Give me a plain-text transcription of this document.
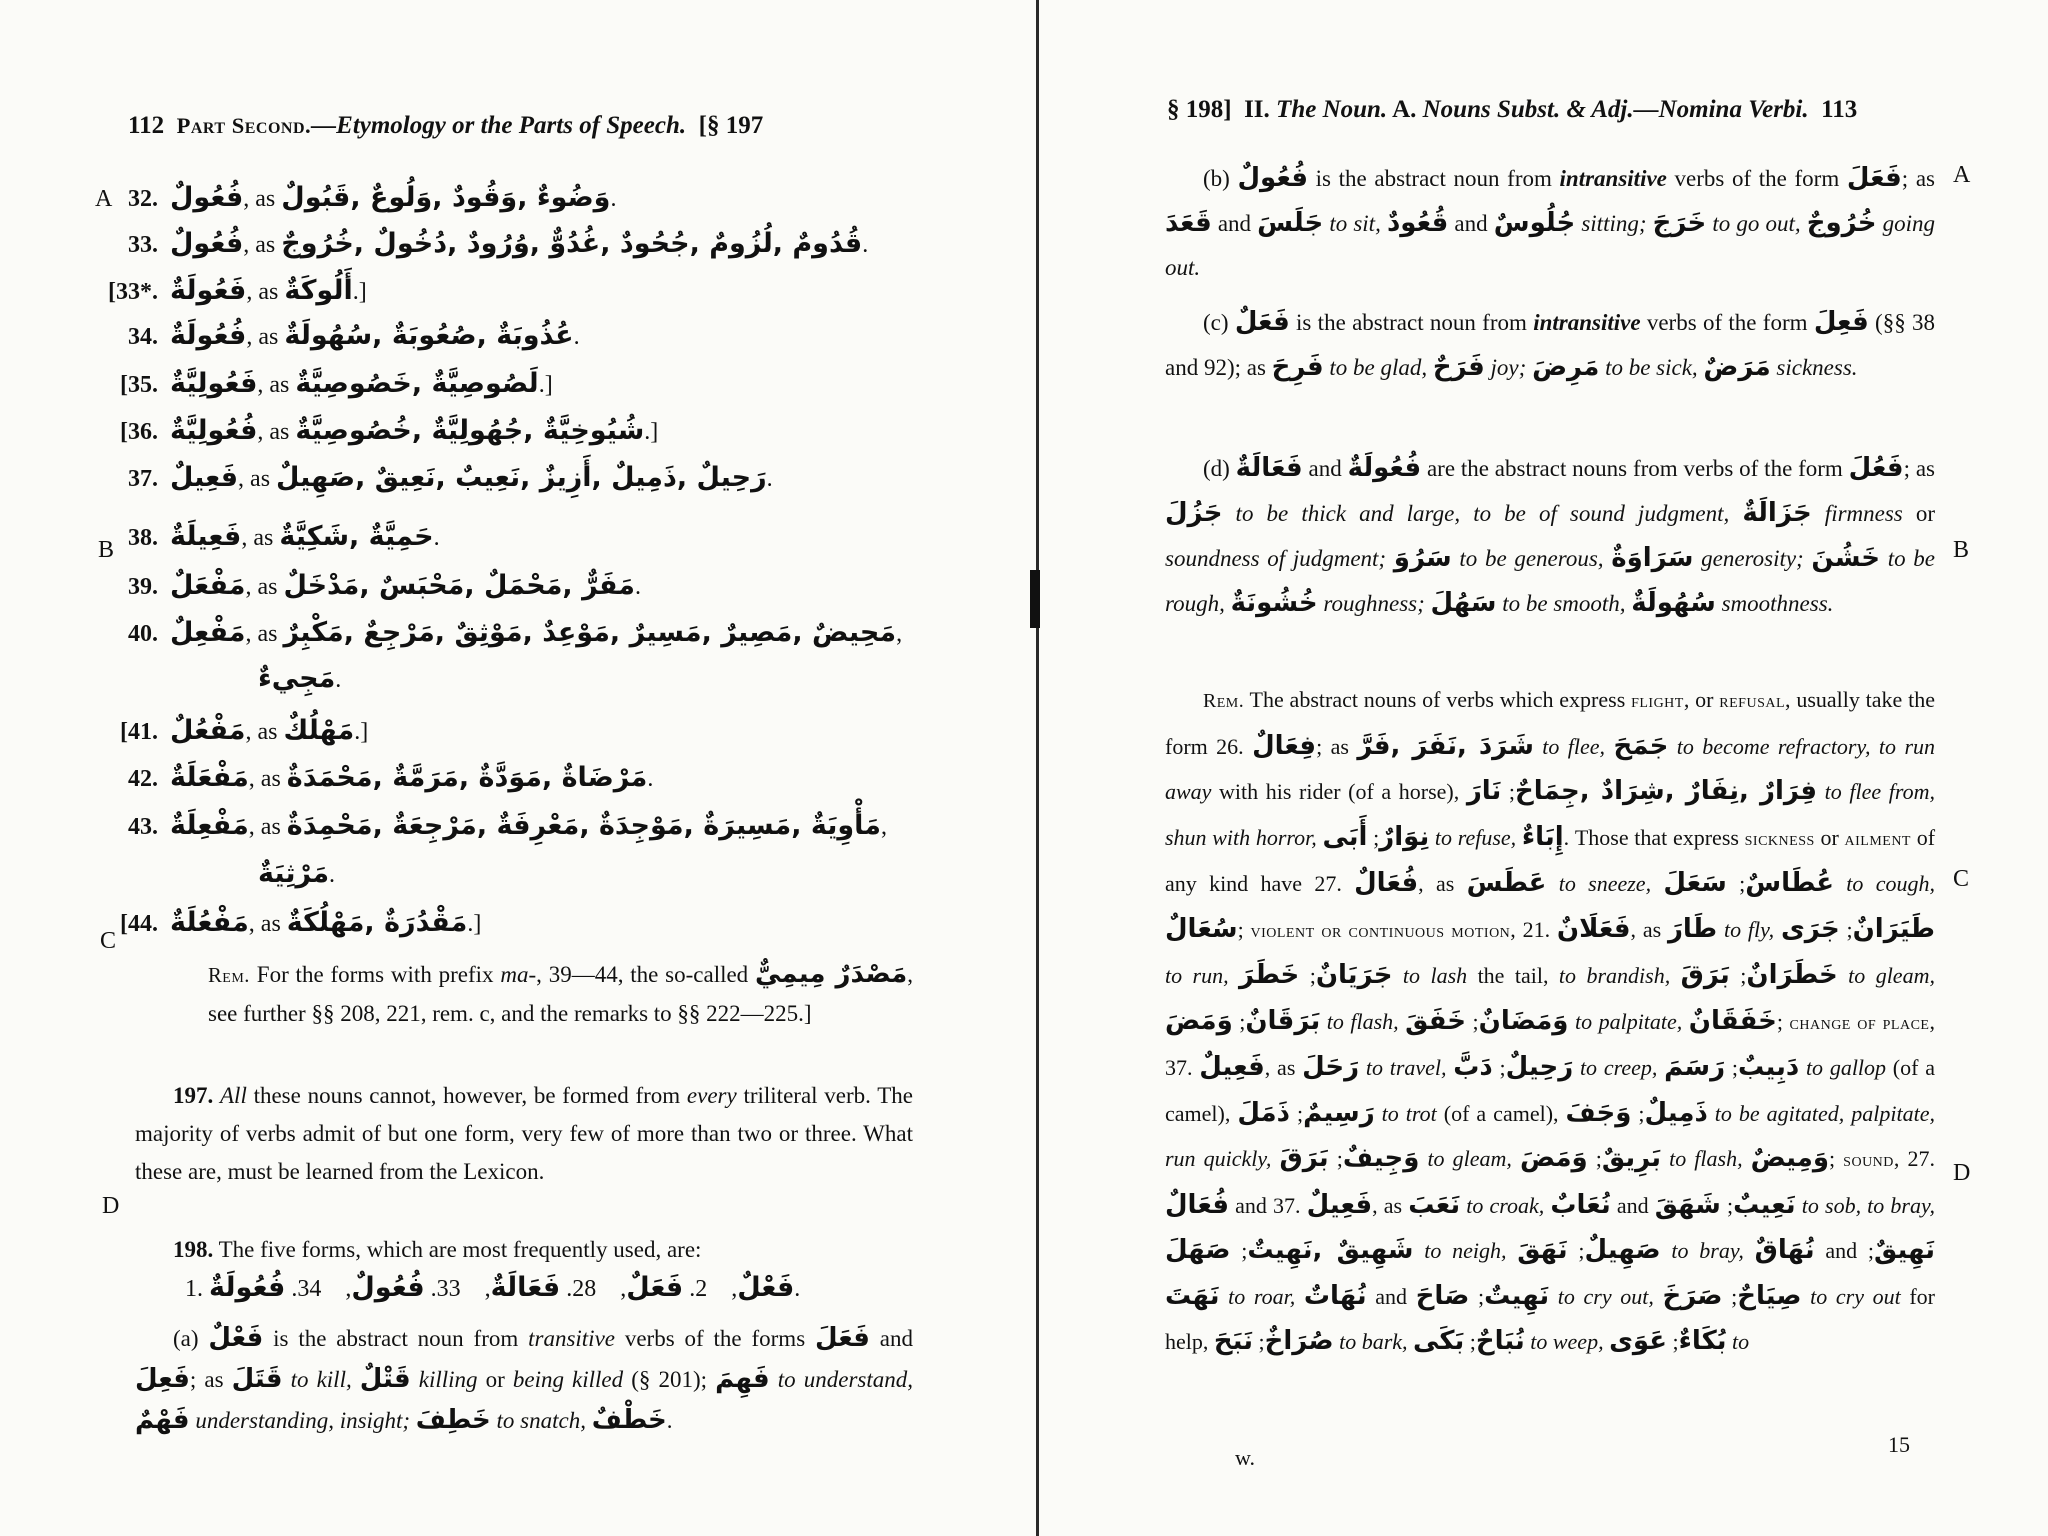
112 Part Second.—Etymology or the Parts of Speech. [§ 197
A
B
C
D
32. فُعُولٌ, as وَضُوءٌ ,وَقُودٌ ,وَلُوعٌ ,قَبُولٌ.
33. فُعُولٌ, as قُدُومٌ ,لُزُومٌ ,جُحُودٌ ,غُدُوٌّ ,وُرُودٌ ,دُخُولٌ ,خُرُوجٌ.
[33*. فَعُولَةٌ, as أَلُوكَةٌ.]
34. فُعُولَةٌ, as عُذُوبَةٌ ,صُعُوبَةٌ ,سُهُولَةٌ.
[35. فَعُولِيَّةٌ, as لَصُوصِيَّةٌ ,خَصُوصِيَّةٌ.]
[36. فُعُولِيَّةٌ, as شُيُوخِيَّةٌ ,جُهُولِيَّةٌ ,خُصُوصِيَّةٌ.]
37. فَعِيلٌ, as رَحِيلٌ ,ذَمِيلٌ ,أَزِيزٌ ,نَعِيبٌ ,نَعِيقٌ ,صَهِيلٌ.
38. فَعِيلَةٌ, as حَمِيَّةٌ ,شَكِيَّةٌ.
39. مَفْعَلٌ, as مَفَرٌّ ,مَحْمَلٌ ,مَحْبَسٌ ,مَدْخَلٌ.
40. مَفْعِلٌ, as مَحِيضٌ ,مَصِيرٌ ,مَسِيرٌ ,مَوْعِدٌ ,مَوْثِقٌ ,مَرْجِعٌ ,مَكْبِرٌ,
مَجِيءٌ.
[41. مَفْعُلٌ, as مَهْلُكٌ.]
42. مَفْعَلَةٌ, as مَرْضَاةٌ ,مَوَدَّةٌ ,مَرَمَّةٌ ,مَحْمَدَةٌ.
43. مَفْعِلَةٌ, as مَأْوِيَةٌ ,مَسِيرَةٌ ,مَوْجِدَةٌ ,مَعْرِفَةٌ ,مَرْجِعَةٌ ,مَحْمِدَةٌ,
مَرْثِيَةٌ.
[44. مَفْعُلَةٌ, as مَقْدُرَةٌ ,مَهْلُكَةٌ.]
Rem. For the forms with prefix ma-, 39—44, the so-called مَصْدَرٌ مِيمِيٌّ, see further §§ 208, 221, rem. c, and the remarks to §§ 222—225.]
197. All these nouns cannot, however, be formed from every triliteral verb. The majority of verbs admit of but one form, very few of more than two or three. What these are, must be learned from the Lexicon.
198. The five forms, which are most frequently used, are:
1.	فَعْلٌ,    2. فَعَلٌ,    28. فَعَالَةٌ,    33. فُعُولٌ,    34. فُعُولَةٌ	.
(a) فَعْلٌ is the abstract noun from transitive verbs of the forms فَعَلَ and فَعِلَ; as قَتَلَ to kill, قَتْلٌ killing or being killed (§ 201); فَهِمَ to understand, فَهْمٌ understanding, insight; خَطِفَ to snatch, خَطْفٌ.
§ 198] II. The Noun. A. Nouns Subst. & Adj.—Nomina Verbi. 113
A
B
C
D
(b) فُعُولٌ is the abstract noun from intransitive verbs of the form فَعَلَ; as قَعَدَ and جَلَسَ to sit, قُعُودٌ and جُلُوسٌ sitting; خَرَجَ to go out, خُرُوجٌ going out.
(c) فَعَلٌ is the abstract noun from intransitive verbs of the form فَعِلَ (§§ 38 and 92); as فَرِحَ to be glad, فَرَحٌ joy; مَرِضَ to be sick, مَرَضٌ sickness.
(d) فَعَالَةٌ and فُعُولَةٌ are the abstract nouns from verbs of the form فَعُلَ; as جَزُلَ to be thick and large, to be of sound judgment, جَزَالَةٌ firmness or soundness of judgment; سَرُوَ to be generous, سَرَاوَةٌ generosity; خَشُنَ to be rough, خُشُونَةٌ roughness; سَهُلَ to be smooth, سُهُولَةٌ smoothness.
Rem. The abstract nouns of verbs which express flight, or refusal, usually take the form 26. فِعَالٌ; as شَرَدَ ,نَفَرَ ,فَرَّ to flee, جَمَحَ to become refractory, to run away with his rider (of a horse), فِرَارٌ ,نِفَارٌ ,شِرَادٌ ,جِمَاحٌ; نَارَ	to flee from, shun with horror, نِوَارٌ; أَبَى	to refuse, إِبَاءٌ. Those that express sickness or ailment of any kind have 27. فُعَالٌ, as عَطَسَ to sneeze,	عُطَاسٌ; سَعَلَ	to cough, سُعَالٌ; violent or continuous motion, 21. فَعَلَانٌ, as طَارَ to fly,	طَيَرَانٌ; جَرَى to run,	جَرَيَانٌ; خَطَرَ	to lash the tail, to brandish,	خَطَرَانٌ; بَرَقَ	to gleam, بَرَقَانٌ; وَمَضَ	to flash,	وَمَضَانٌ; خَفَقَ	to palpitate, خَفَقَانٌ; change of place, 37. فَعِيلٌ, as رَحَلَ to travel, رَحِيلٌ; دَبَّ	to creep,	دَبِيبٌ; رَسَمَ	to gallop (of a camel),	رَسِيمٌ; ذَمَلَ	to trot (of a camel),	ذَمِيلٌ; وَجَفَ	to be agitated, palpitate, run quickly, وَجِيفٌ; بَرَقَ	to gleam,	بَرِيقٌ; وَمَضَ	to flash, وَمِيضٌ; sound, 27. فُعَالٌ and 37. فَعِيلٌ, as نَعَبَ to croak, نُعَابٌ and	نَعِيبٌ; شَهَقَ	to sob, to bray, شَهِيقٌ ,نَهِيتٌ; صَهَلَ	to neigh,	صَهِيلٌ; نَهَقَ	to bray, نُهَاقٌ and نَهِيقٌ; نَهَتَ to roar, نُهَاتٌ and	نَهِيتٌ; صَاحَ	to cry out,	صِيَاحٌ; صَرَخَ	to cry out for help, صُرَاخٌ; نَبَحَ	to bark, نُبَاحٌ; بَكَى	to weep,	بُكَاءٌ; عَوَى	to
w.
15
